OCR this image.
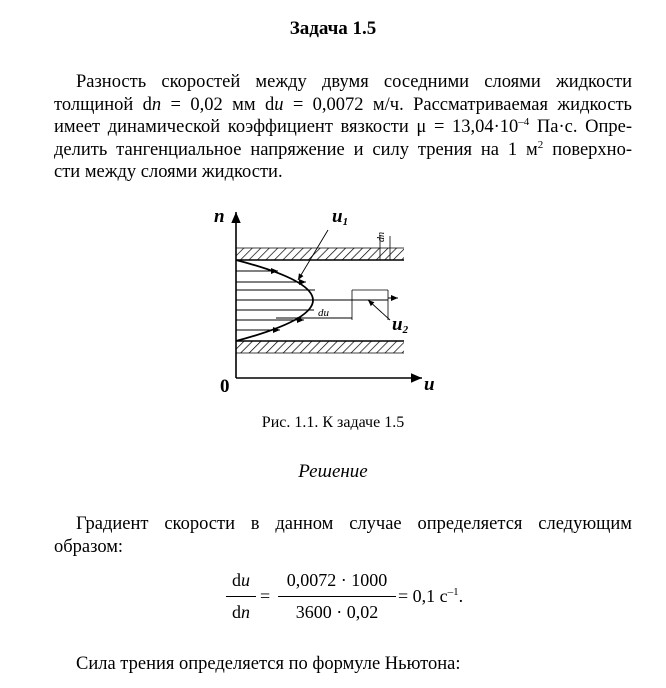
Задача 1.5
Разность скоростей между двумя соседними слоями жидкости
толщиной dn = 0,02 мм du = 0,0072 м/ч. Рассматриваемая жидкость
имеет динамической коэффициент вязкости $\mu = 13,04\cdot 10^{-4}$ Па·с. Опре-
делить тангенциальное напряжение и силу трения на 1 $м^2$ поверхно-
сти между слоями жидкости.
n	u1
dn
du
u2
0	u
Рис. 1.1. К задаче 1.5
Решение
Градиент скорости в данном случае определяется следующим
образом:
du
dn
=
0,0072 · 1000
3600 · 0,02
= 0,1 $с^{-1}$.
Сила трения определяется по формуле Ньютона:
